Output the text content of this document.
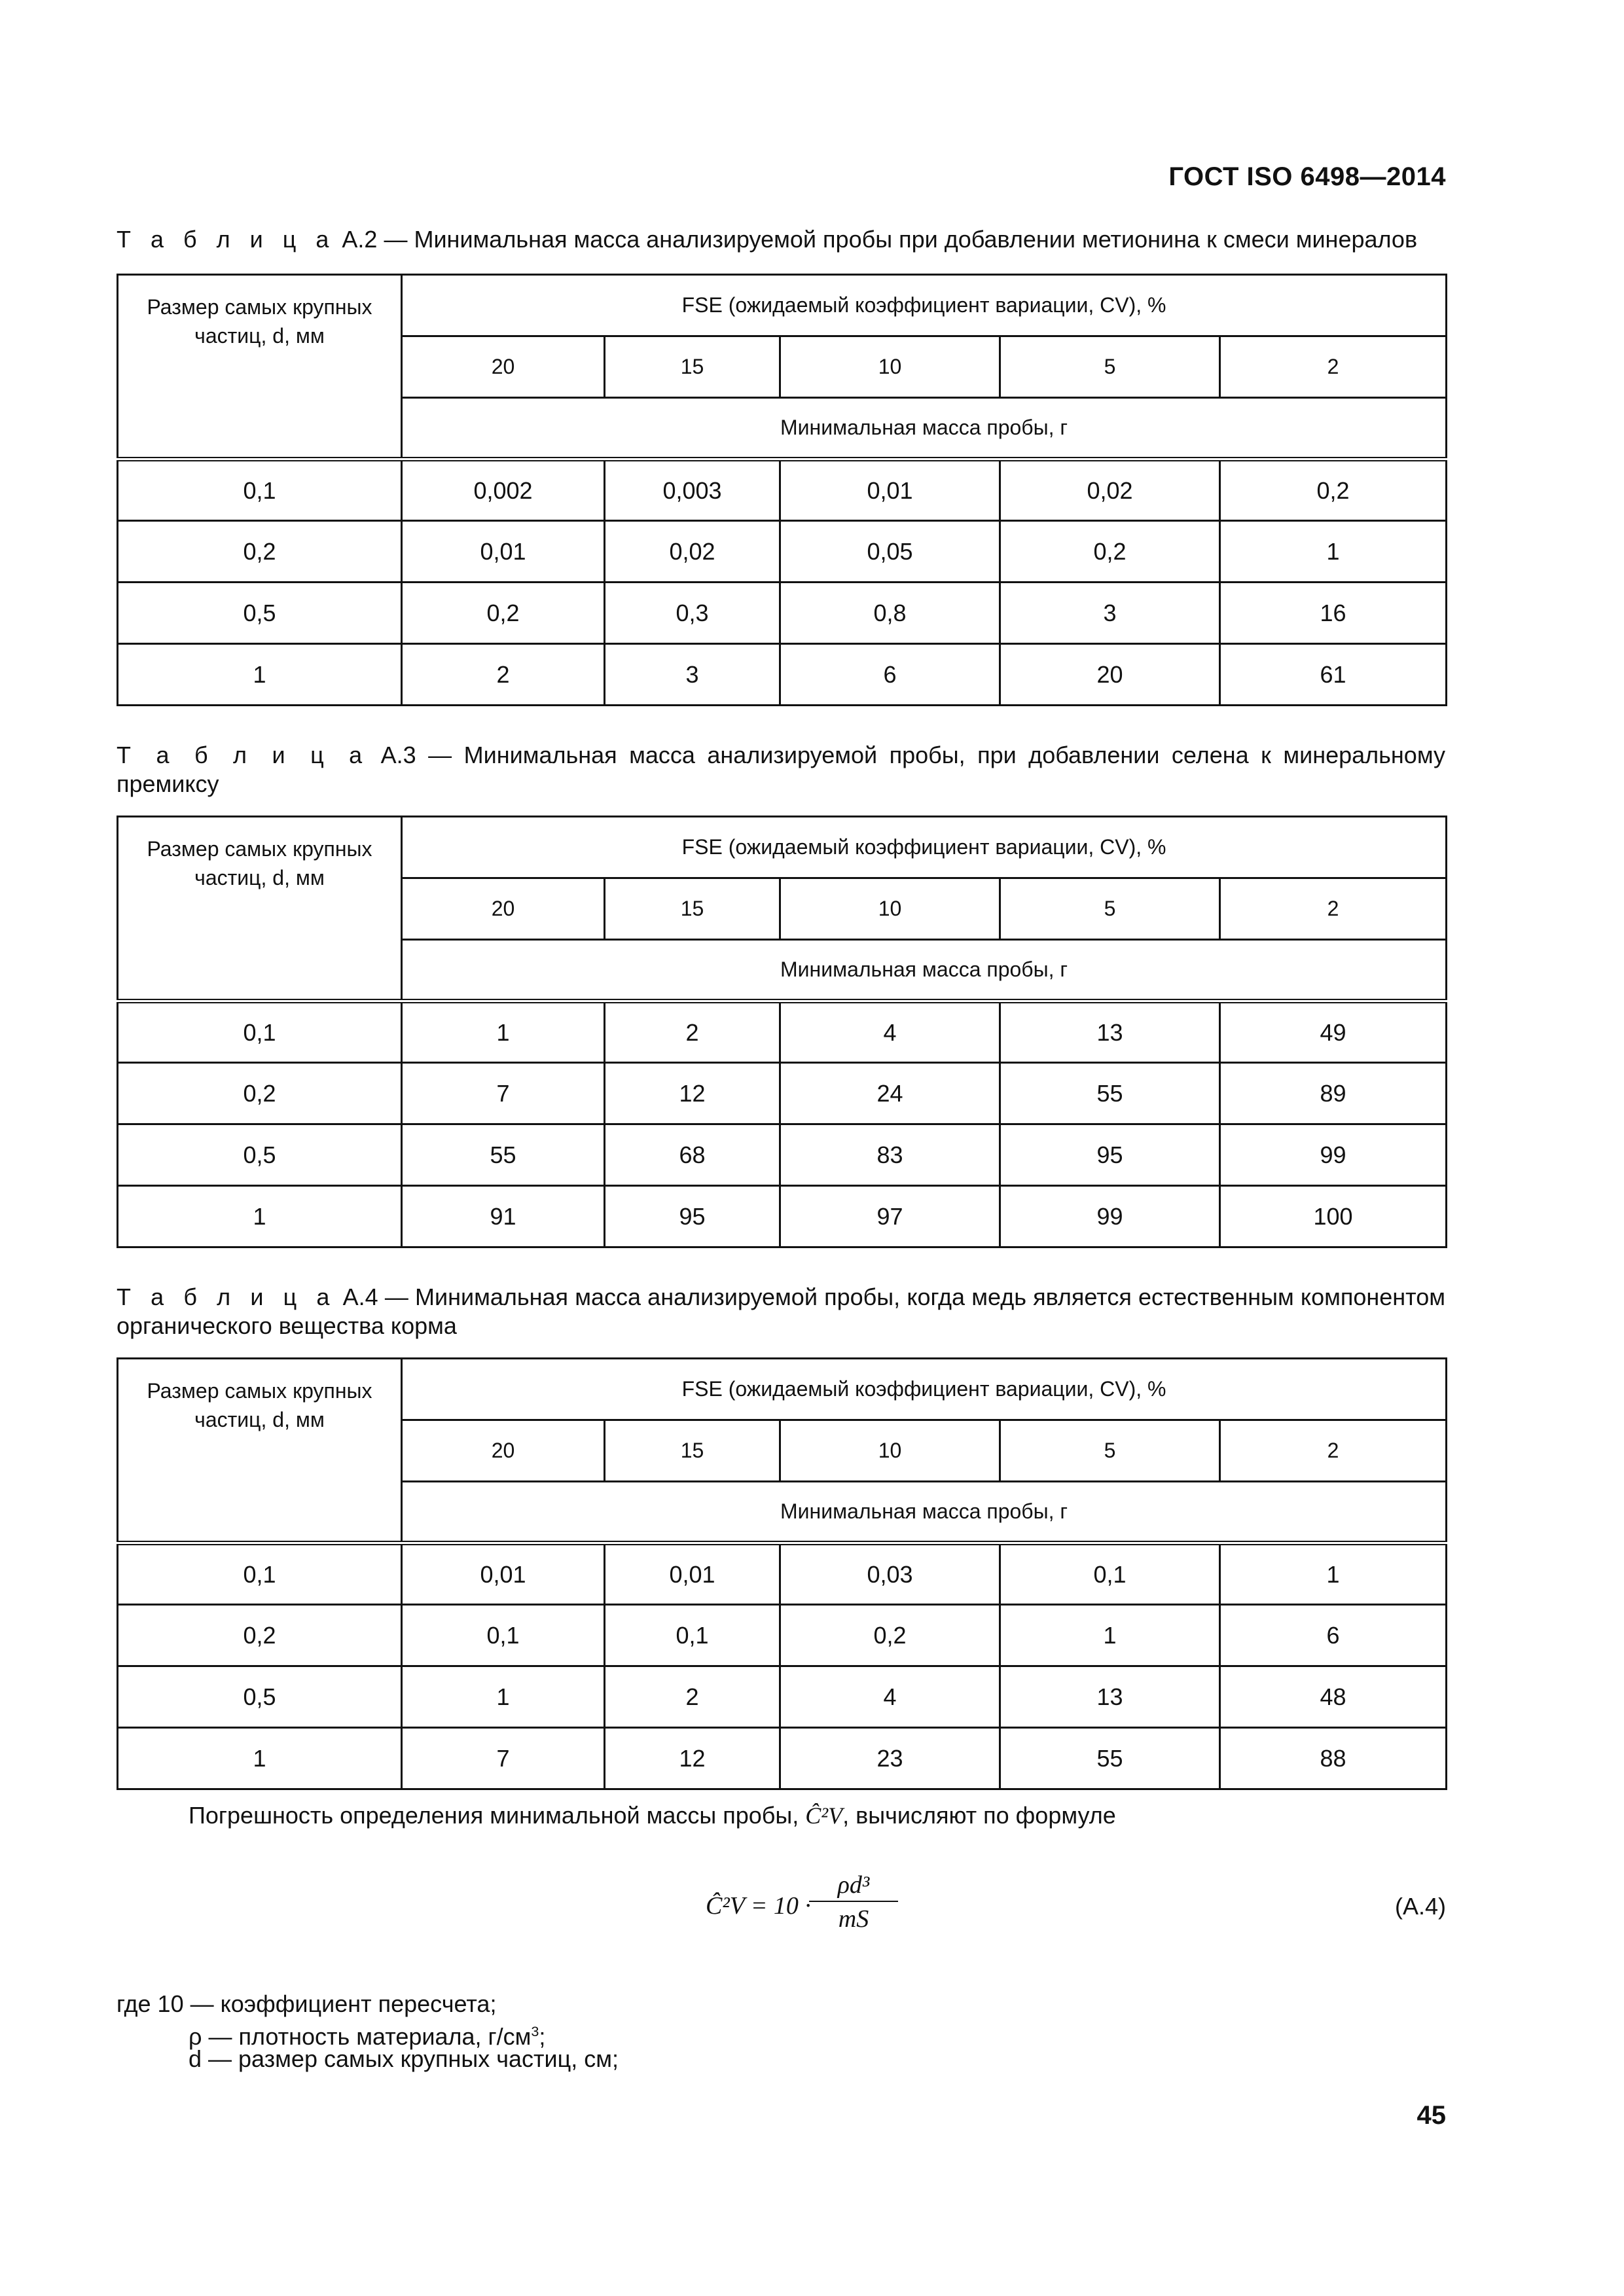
ГОСТ ISO 6498—2014
Т а б л и ц а А.2 — Минимальная масса анализируемой пробы при добавлении метионина к смеси минералов
Размер самых крупных частиц, d, мм	FSE (ожидаемый коэффициент вариации, CV), %				
	20	15	10	5	2
	Минимальная масса пробы, г				
0,1	0,002	0,003	0,01	0,02	0,2
0,2	0,01	0,02	0,05	0,2	1
0,5	0,2	0,3	0,8	3	16
1	2	3	6	20	61
Т а б л и ц а А.3 — Минимальная масса анализируемой пробы, при добавлении селена к минеральному премиксу
Размер самых крупных частиц, d, мм	FSE (ожидаемый коэффициент вариации, CV), %				
	20	15	10	5	2
	Минимальная масса пробы, г				
0,1	1	2	4	13	49
0,2	7	12	24	55	89
0,5	55	68	83	95	99
1	91	95	97	99	100
Т а б л и ц а А.4 — Минимальная масса анализируемой пробы, когда медь является естественным компонентом органического вещества корма
Размер самых крупных частиц, d, мм	FSE (ожидаемый коэффициент вариации, CV), %				
	20	15	10	5	2
	Минимальная масса пробы, г				
0,1	0,01	0,01	0,03	0,1	1
0,2	0,1	0,1	0,2	1	6
0,5	1	2	4	13	48
1	7	12	23	55	88
Погрешность определения минимальной массы пробы, Ĉ²V, вычисляют по формуле
Ĉ²V = 10 ·
ρd³
mS	(А.4)
где 10 — коэффициент пересчета;
ρ — плотность материала, $г/см^3$;
d — размер самых крупных частиц, см;
45
